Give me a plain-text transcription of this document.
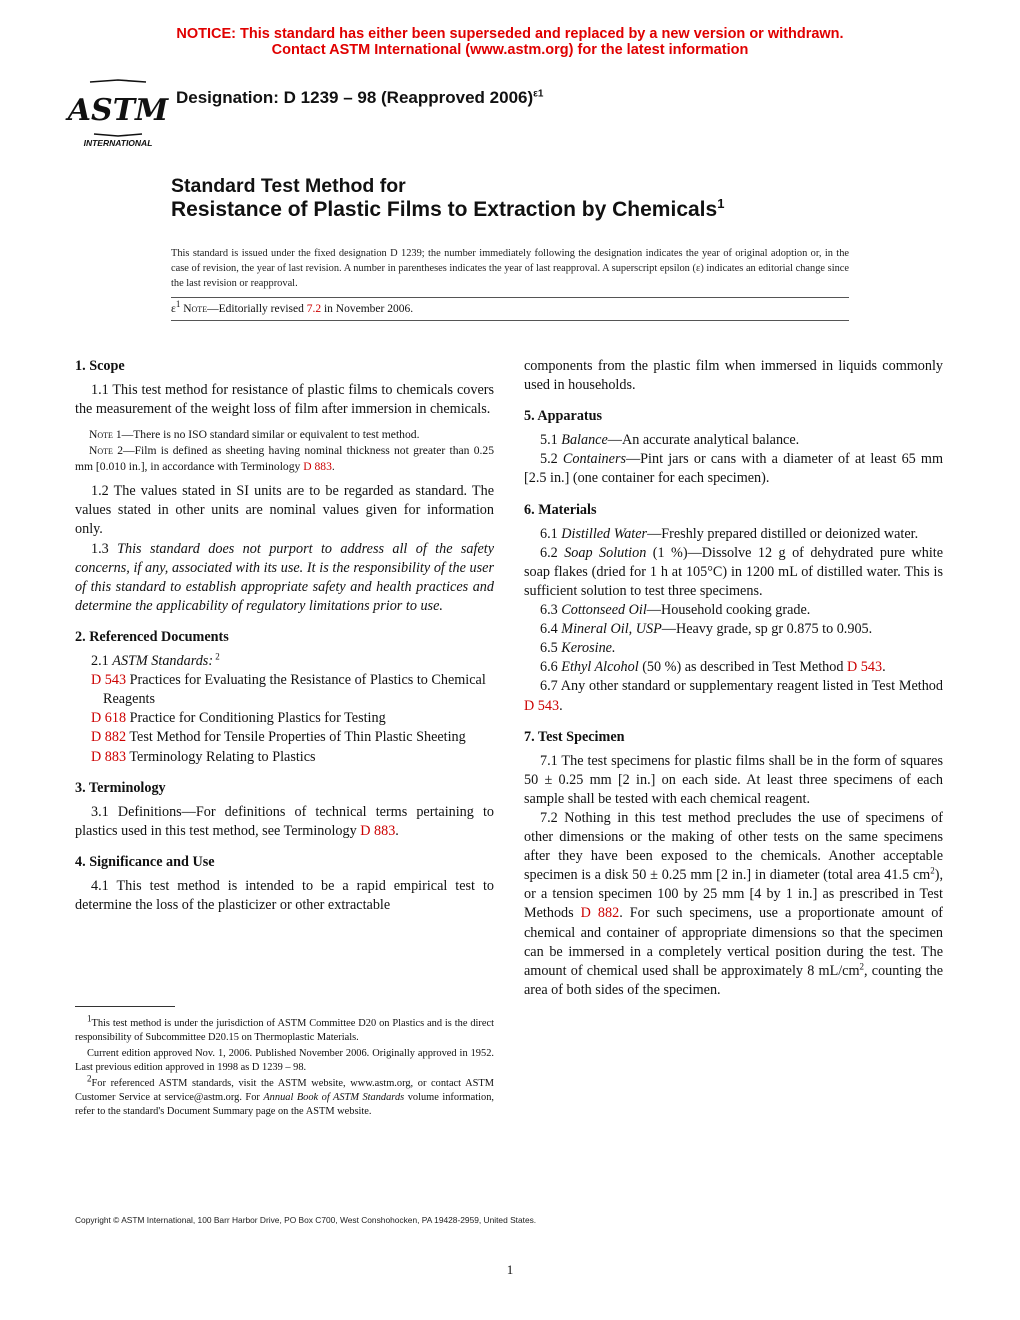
NOTICE: This standard has either been superseded and replaced by a new version or withdrawn.
Contact ASTM International (www.astm.org) for the latest information
ASTM
INTERNATIONAL
Designation: D 1239 – 98 (Reapproved 2006)$^{\varepsilon 1}$
Standard Test Method for
Resistance of Plastic Films to Extraction by Chemicals$^1$
This standard is issued under the fixed designation D 1239; the number immediately following the designation indicates the year of original adoption or, in the case of revision, the year of last revision. A number in parentheses indicates the year of last reapproval. A superscript epsilon (ε) indicates an editorial change since the last revision or reapproval.
$\varepsilon^1$ Note—Editorially revised 7.2 in November 2006.
1. Scope

1.1 This test method for resistance of plastic films to chemicals covers the measurement of the weight loss of film after immersion in chemicals.

Note 1—There is no ISO standard similar or equivalent to test method.

Note 2—Film is defined as sheeting having nominal thickness not greater than 0.25 mm [0.010 in.], in accordance with Terminology D 883.

1.2 The values stated in SI units are to be regarded as standard. The values stated in other units are nominal values given for information only.

1.3 This standard does not purport to address all of the safety concerns, if any, associated with its use. It is the responsibility of the user of this standard to establish appropriate safety and health practices and determine the applicability of regulatory limitations prior to use.

2. Referenced Documents

2.1 ASTM Standards: $^2$

D 543 Practices for Evaluating the Resistance of Plastics to Chemical Reagents

D 618 Practice for Conditioning Plastics for Testing

D 882 Test Method for Tensile Properties of Thin Plastic Sheeting

D 883 Terminology Relating to Plastics

3. Terminology

3.1 Definitions—For definitions of technical terms pertaining to plastics used in this test method, see Terminology D 883.

4. Significance and Use

4.1 This test method is intended to be a rapid empirical test to determine the loss of the plasticizer or other extractable

components from the plastic film when immersed in liquids commonly used in households.

5. Apparatus

5.1 Balance—An accurate analytical balance.

5.2 Containers—Pint jars or cans with a diameter of at least 65 mm [2.5 in.] (one container for each specimen).

6. Materials

6.1 Distilled Water—Freshly prepared distilled or deionized water.

6.2 Soap Solution (1 %)—Dissolve 12 g of dehydrated pure white soap flakes (dried for 1 h at 105°C) in 1200 mL of distilled water. This is sufficient solution to test three specimens.

6.3 Cottonseed Oil—Household cooking grade.

6.4 Mineral Oil, USP—Heavy grade, sp gr 0.875 to 0.905.

6.5 Kerosine.

6.6 Ethyl Alcohol (50 %) as described in Test Method D 543.

6.7 Any other standard or supplementary reagent listed in Test Method D 543.

7. Test Specimen

7.1 The test specimens for plastic films shall be in the form of squares 50 ± 0.25 mm [2 in.] on each side. At least three specimens of each sample shall be tested with each chemical reagent.

7.2 Nothing in this test method precludes the use of specimens of other dimensions or the making of other tests on the same specimens after they have been exposed to the chemicals. Another acceptable specimen is a disk 50 ± 0.25 mm [2 in.] in diameter (total area 41.5 $cm^2$), or a tension specimen 100 by 25 mm [4 by 1 in.] as prescribed in Test Methods D 882. For such specimens, use a proportionate amount of chemical and container of appropriate dimensions so that the specimen can be immersed in a completely vertical position during the test. The amount of chemical used shall be approximately 8 $mL/cm^2$, counting the area of both sides of the specimen.

$^1$This test method is under the jurisdiction of ASTM Committee D20 on Plastics and is the direct responsibility of Subcommittee D20.15 on Thermoplastic Materials.

Current edition approved Nov. 1, 2006. Published November 2006. Originally approved in 1952. Last previous edition approved in 1998 as D 1239 – 98.

$^2$For referenced ASTM standards, visit the ASTM website, www.astm.org, or contact ASTM Customer Service at service@astm.org. For Annual Book of ASTM Standards volume information, refer to the standard's Document Summary page on the ASTM website.

Copyright © ASTM International, 100 Barr Harbor Drive, PO Box C700, West Conshohocken, PA 19428-2959, United States.
1
